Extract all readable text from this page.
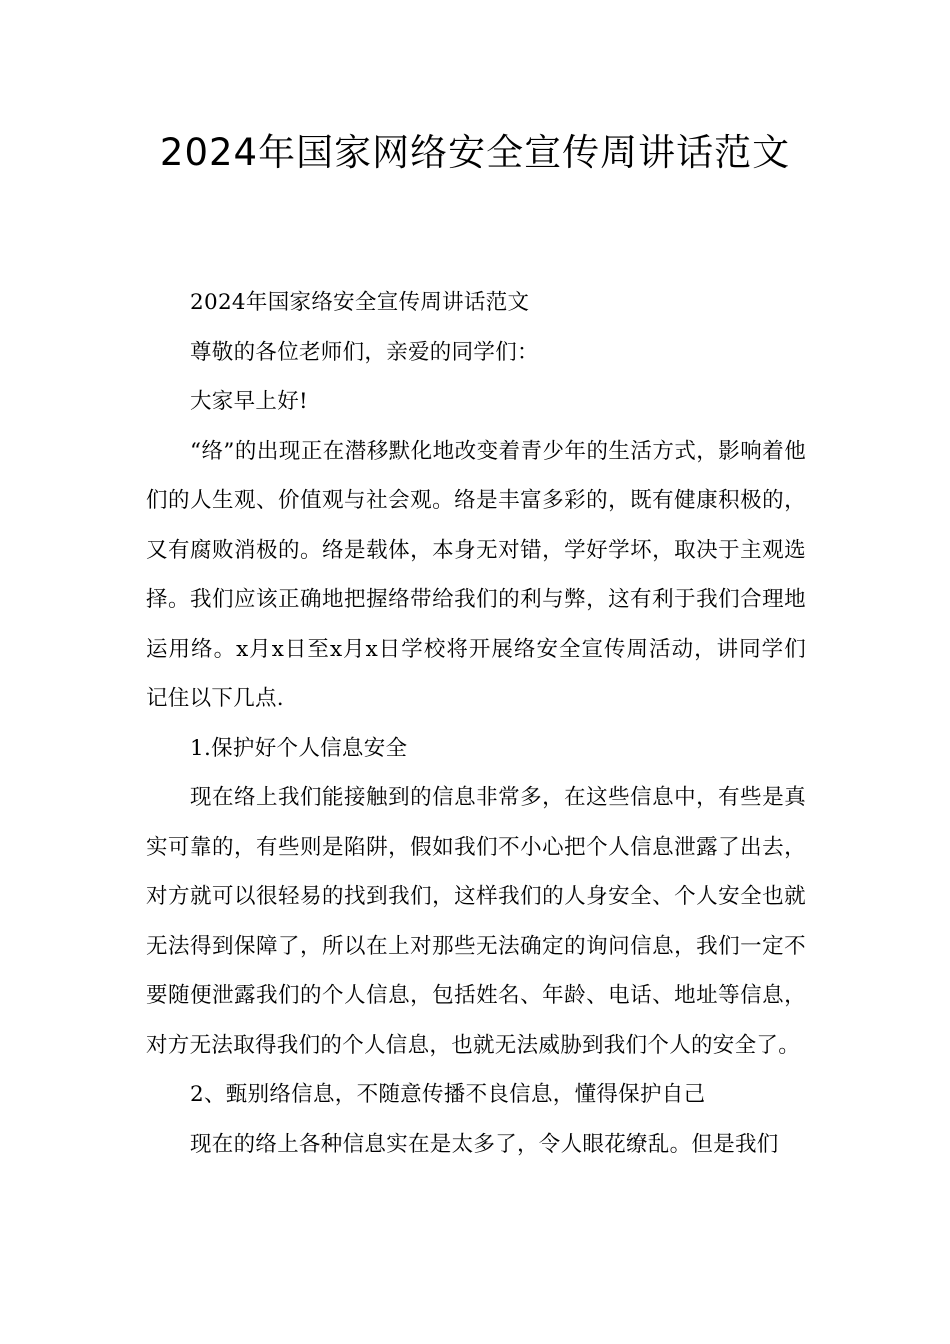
2024年国家网络安全宣传周讲话范文

2024年国家络安全宣传周讲话范文

尊敬的各位老师们，亲爱的同学们：

大家早上好!

“络”的出现正在潜移默化地改变着青少年的生活方式，影响着他们的人生观、价值观与社会观。络是丰富多彩的，既有健康积极的，又有腐败消极的。络是载体，本身无对错，学好学坏，取决于主观选择。我们应该正确地把握络带给我们的利与弊，这有利于我们合理地运用络。x月x日至x月x日学校将开展络安全宣传周活动，讲同学们记住以下几点.

1.保护好个人信息安全

现在络上我们能接触到的信息非常多，在这些信息中，有些是真实可靠的，有些则是陷阱，假如我们不小心把个人信息泄露了出去，对方就可以很轻易的找到我们，这样我们的人身安全、个人安全也就无法得到保障了，所以在上对那些无法确定的询问信息，我们一定不要随便泄露我们的个人信息，包括姓名、年龄、电话、地址等信息，对方无法取得我们的个人信息，也就无法威胁到我们个人的安全了。

2、甄别络信息，不随意传播不良信息，懂得保护自己

现在的络上各种信息实在是太多了，令人眼花缭乱。但是我们
